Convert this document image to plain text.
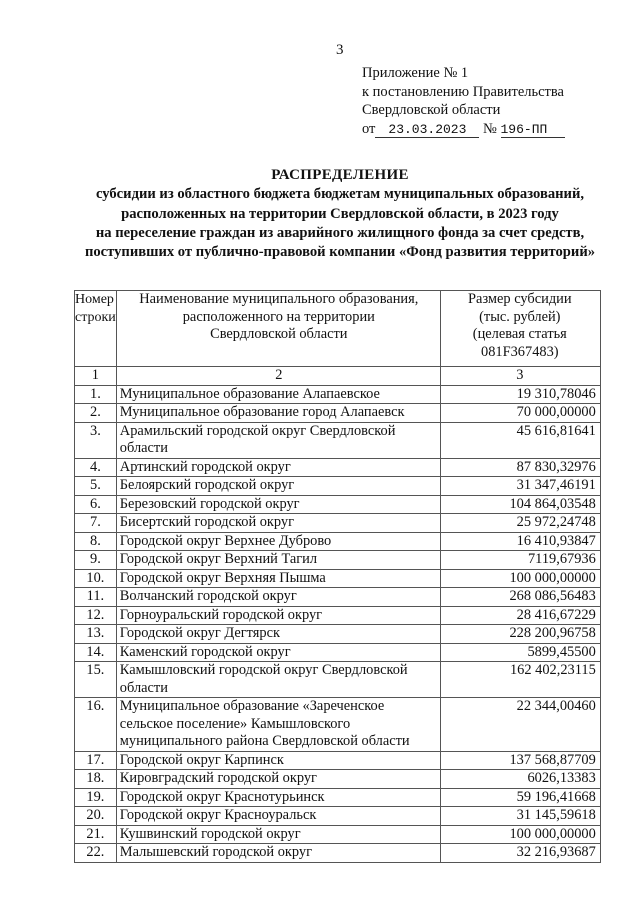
3
Приложение № 1
к постановлению Правительства
Свердловской области
от 23.03.2023 № 196-ПП
РАСПРЕДЕЛЕНИЕ
субсидии из областного бюджета бюджетам муниципальных образований,
расположенных на территории Свердловской области, в 2023 году
на переселение граждан из аварийного жилищного фонда за счет средств,
поступивших от публично-правовой компании «Фонд развития территорий»
Номер
строки

Наименование муниципального образования,
расположенного на территории
Свердловской области

Размер субсидии
(тыс. рублей)
(целевая статья
081F367483)

1	2	3
1.	Муниципальное образование Алапаевское	19 310,78046
2.	Муниципальное образование город Алапаевск	70 000,00000
3.	Арамильский городской округ Свердловской области	45 616,81641
4.	Артинский городской округ	87 830,32976
5.	Белоярский городской округ	31 347,46191
6.	Березовский городской округ	104 864,03548
7.	Бисертский городской округ	25 972,24748
8.	Городской округ Верхнее Дуброво	16 410,93847
9.	Городской округ Верхний Тагил	7119,67936
10.	Городской округ Верхняя Пышма	100 000,00000
11.	Волчанский городской округ	268 086,56483
12.	Горноуральский городской округ	28 416,67229
13.	Городской округ Дегтярск	228 200,96758
14.	Каменский городской округ	5899,45500
15.	Камышловский городской округ Свердловской области	162 402,23115
16.	Муниципальное образование «Зареченское сельское поселение» Камышловского муниципального района Свердловской области	22 344,00460
17.	Городской округ Карпинск	137 568,87709
18.	Кировградский городской округ	6026,13383
19.	Городской округ Краснотурьинск	59 196,41668
20.	Городской округ Красноуральск	31 145,59618
21.	Кушвинский городской округ	100 000,00000
22.	Малышевский городской округ	32 216,93687
